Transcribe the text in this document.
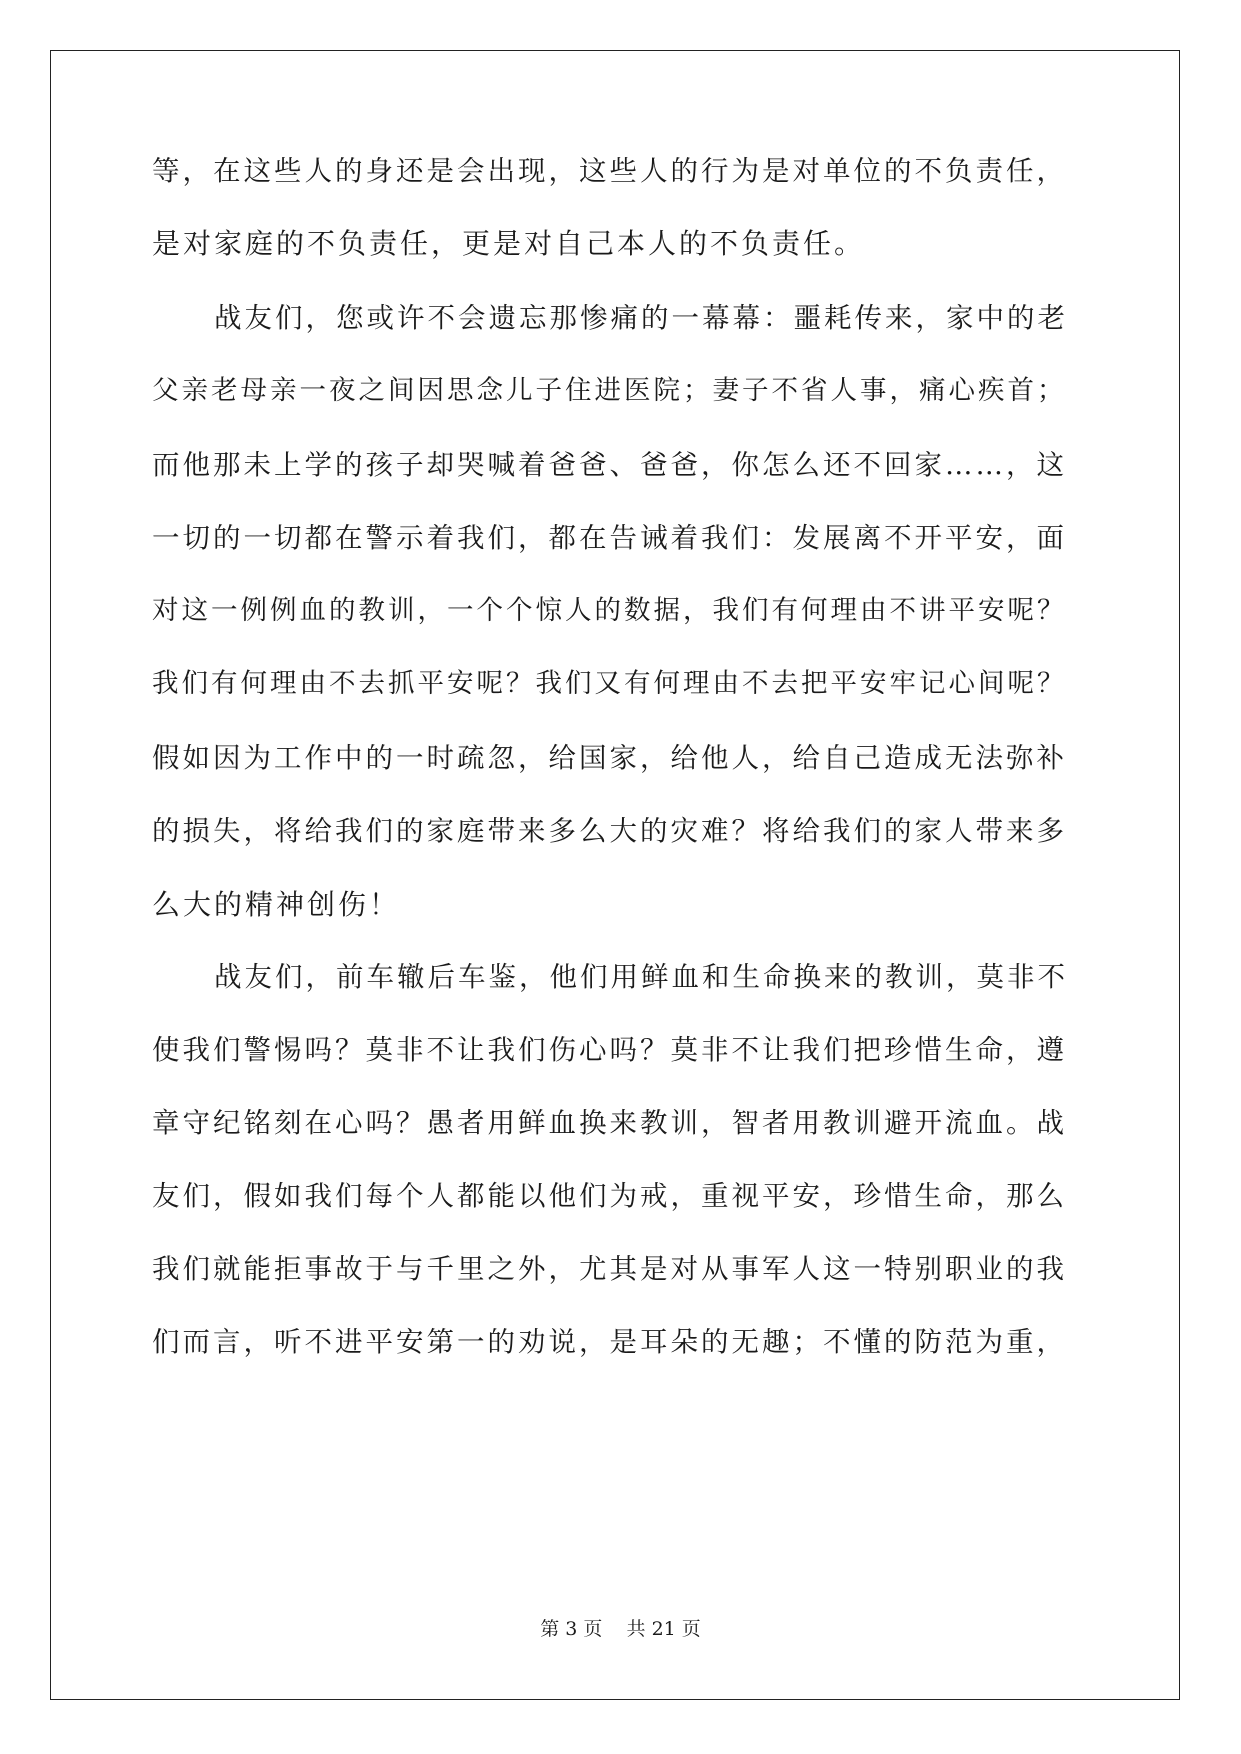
等，在这些人的身还是会出现，这些人的行为是对单位的不负责任，
是对家庭的不负责任，更是对自己本人的不负责任。
战友们，您或许不会遗忘那惨痛的一幕幕：噩耗传来，家中的老
父亲老母亲一夜之间因思念儿子住进医院；妻子不省人事，痛心疾首；
而他那未上学的孩子却哭喊着爸爸、爸爸，你怎么还不回家……，这
一切的一切都在警示着我们，都在告诫着我们：发展离不开平安，面
对这一例例血的教训，一个个惊人的数据，我们有何理由不讲平安呢？
我们有何理由不去抓平安呢？我们又有何理由不去把平安牢记心间呢？
假如因为工作中的一时疏忽，给国家，给他人，给自己造成无法弥补
的损失，将给我们的家庭带来多么大的灾难？将给我们的家人带来多
么大的精神创伤！
战友们，前车辙后车鉴，他们用鲜血和生命换来的教训，莫非不
使我们警惕吗？莫非不让我们伤心吗？莫非不让我们把珍惜生命，遵
章守纪铭刻在心吗？愚者用鲜血换来教训，智者用教训避开流血。战
友们，假如我们每个人都能以他们为戒，重视平安，珍惜生命，那么
我们就能拒事故于与千里之外，尤其是对从事军人这一特别职业的我
们而言，听不进平安第一的劝说，是耳朵的无趣；不懂的防范为重，
第 3 页    共 21 页
